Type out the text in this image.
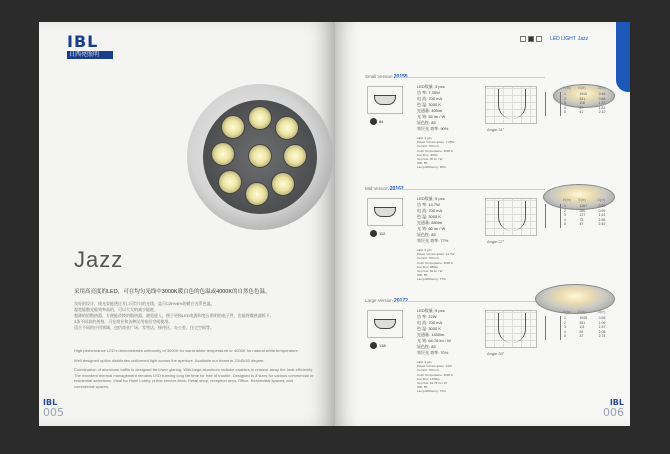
IBL
日西亮照明
Jazz
采用高亮度的LED，可在均匀光线中3000K暖白色的色温或4000K的自然色色温。
良好的设计，使光束能透过开口可均匀的光线，盖可以5%/6%的暖白光系色温。
超宽能散光能效率高的，可以大大的减少能耗。
超薄的铝散热器，方便能改换的散热器，避免进入，便于更换LED电源和变压照明的电子件，也能将散热器拆下。
3条不同款的规格，可在商业和各种民用家居空间使用。
适合不同的应用领域，包括商业广场、零售店、接待区、办公室、住宅空间等。

High performance LED's demonstrates uniformity of 3000K for warm white temperature or 4000K for natural white temperature.

Well designed optics distributes uniformed light across the aperture. Available our beam in 20/45/60 degree.

Combination of aluminum baffle is designed for lower glaring. With large aluminum radiator enables to remove away the heat efficiently. The excellent thermal management remains LED running long life time for free of trouble. Designed in 3 sizes for various commercial or residential selections. Ideal for Hotel Lobby, public service Area, Retail shop, reception area, Office, Residential spaces, and commercial spaces.

IBL
005
LED LIGHT Jazz
Small Version 20155
84
LED数量: 3 pcs
功 率: 7.35W
电 流: 700 mA
色 温: 3000 K
光通量: 405lm
光 效: 55 lm / W
显色性: 85
效应光 效率: 90%
LED: 3 pcs
Power Consumption: 7.35W
Current: 700 mA
Color Temperature: 3000 K
Lux Flux: 405lm
Net Flux: 55 lm / W
CRI: 85
Lamp Efficiency: 90%
Angle 31°
H(m)	E(lx)	D(m)
1	1906	0.46
2	331	0.86
3	116	1.37
4	67	1.81
5	41	2.12
Mid Version 20162
112
LED数量: 5 pcs
功 率: 14.7W
电 流: 700 mA
色 温: 3000 K
光通量: 880lm
光 效: 60 lm / W
显色性: 85
效应光 效率: 77%
LED: 5 pcs
Power Consumption: 14.7W
Current: 700 mA
Color Temperature: 3000 K
Lux Flux: 880lm
Net Flux: 60 lm / W
CRI: 85
Lamp Efficiency: 77%
Angle 27°
H(m)	E(lx)	D(m)
1	1167	0.50
2	280	0.99
3	127	1.43
4	73	1.98
5	47	2.49
Large Version 20172
138
LED数量: 9 pcs
功 率: 22W
电 流: 700 mA
色 温: 3000 K
光通量: 1450lm
光 效: 64.78 lm / W
显色性: 85
效应光 效率: 70%
LED: 9 pcs
Power Consumption: 22W
Current: 700 mA
Color Temperature: 3000 K
Lux Flux: 1450lm
Net Flux: 64.78 lm / W
CRI: 85
Lamp Efficiency: 70%
Angle 30°
H(m)	E(lx)	D(m)
1	1008	0.55
2	251	1.06
3	111	1.57
4	59	2.08
5	37	2.74
IBL
006
